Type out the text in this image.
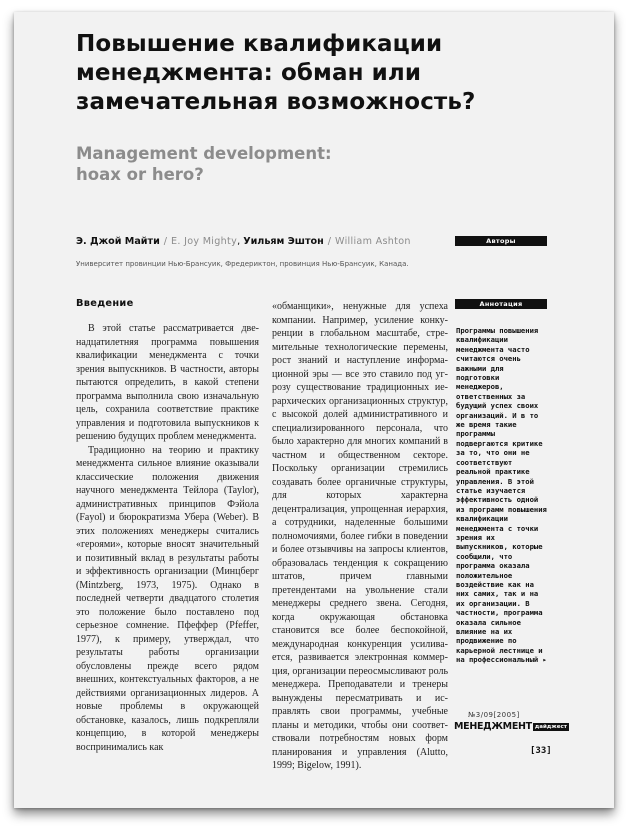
Повышение квалификации менеджмента: обман или замечательная возможность?
Management development: hoax or hero?
Э. Джой Майти / E. Joy Mighty, Уильям Эштон / William Ashton
Университет провинции Нью-Брансуик, Фредериктон, провинция Нью-Брансуик, Канада.
Авторы
Аннотация
Введение

В этой статье рассматривается двенадцатилетняя программа повышения квалификации менеджмента с точки зрения выпускников. В частности, авторы пытаются определить, в какой степени программа выполнила свою изначальную цель, сохранила соответствие практике управления и подготовила выпускников к решению будущих проблем менеджмента.

Традиционно на теорию и практику менеджмента сильное влияние оказывали классические положения движения научного менеджмента Тейлора (Taylor), административных принципов Фэйола (Fayol) и бюрократизма Убера (Weber). В этих положениях менеджеры считались «героями», которые вносят значительный и позитивный вклад в результаты работы и эффективность организации (Минцберг (Mintzberg, 1973, 1975). Однако в последней четверти двадцатого столетия это положение было поставлено под серьезное сомнение. Пфеффер (Pfeffer, 1977), к примеру, утверждал, что результаты работы организации обусловлены прежде всего рядом внешних, контекстуальных факторов, а не действиями организационных лидеров. А новые проблемы в окружающей обстановке, казалось, лишь подкрепляли концепцию, в которой менеджеры воспринимались как

«обманщики», ненужные для успеха компании. Например, усиление конкуренции в глобальном масштабе, стремительные технологические перемены, рост знаний и наступление информационной эры — все это ставило под угрозу существование традиционных иерархических организационных структур, с высокой долей административного и специализированного персонала, что было характерно для многих компаний в частном и общественном секторе. Поскольку организации стремились создавать более органичные структуры, для которых характерна децентрализация, упрощенная иерархия, а сотрудники, наделенные большими полномочиями, более гибки в поведении и более отзывчивы на запросы клиентов, образовалась тенденция к сокращению штатов, причем главными претендентами на увольнение стали менеджеры среднего звена. Сегодня, когда окружающая обстановка становится все более беспокойной, международная конкуренция усиливается, развивается электронная коммерция, организации переосмысливают роль менеджера. Преподаватели и тренеры вынуждены пересматривать и исправлять свои программы, учебные планы и методики, чтобы они соответствовали потребностям новых форм планирования и управления (Alutto, 1999; Bigelow, 1991).

Программы повышения квалификации менеджмента часто считаются очень важными для подготовки менеджеров, ответственных за будущий успех своих организаций. И в то же время такие программы подвергаются критике за то, что они не соответствуют реальной практике управления. В этой статье изучается эффективность одной из программ повышения квалификации менеджмента с точки зрения их выпускников, которые сообщили, что программа оказала положительное воздействие как на них самих, так и на их организации. В частности, программа оказала сильное влияние на их продвижение по карьерной лестнице и на профессиональный ▸

№3/09[2005]
МЕНЕДЖМЕНТ дайджест
[33]
